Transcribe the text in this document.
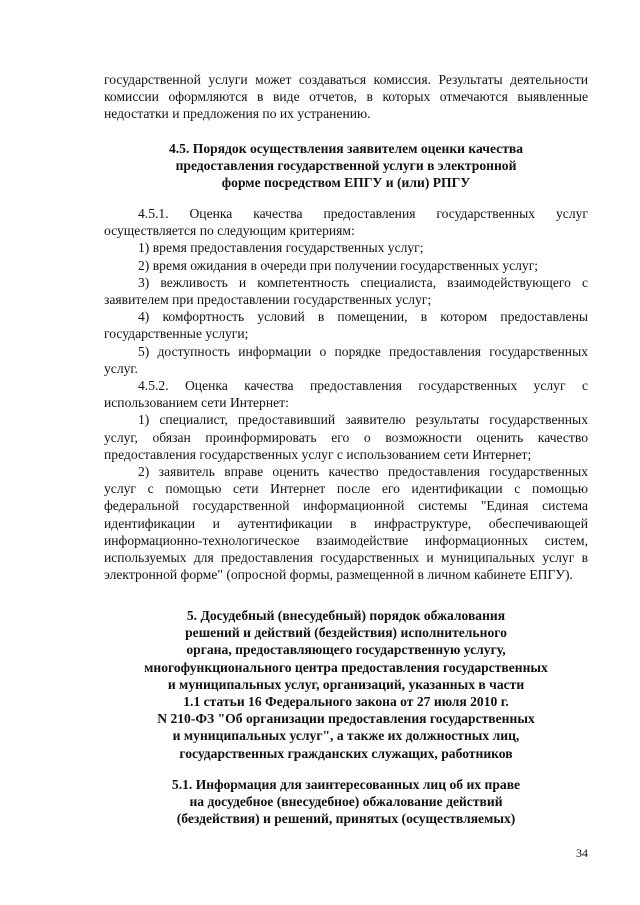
государственной услуги может создаваться комиссия. Результаты деятельности комиссии оформляются в виде отчетов, в которых отмечаются выявленные недостатки и предложения по их устранению.

4.5. Порядок осуществления заявителем оценки качества
предоставления государственной услуги в электронной
форме посредством ЕПГУ и (или) РПГУ

4.5.1. Оценка качества предоставления государственных услуг осуществляется по следующим критериям:

1) время предоставления государственных услуг;

2) время ожидания в очереди при получении государственных услуг;

3) вежливость и компетентность специалиста, взаимодействующего с заявителем при предоставлении государственных услуг;

4) комфортность условий в помещении, в котором предоставлены государственные услуги;

5) доступность информации о порядке предоставления государственных услуг.

4.5.2. Оценка качества предоставления государственных услуг с использованием сети Интернет:

1) специалист, предоставивший заявителю результаты государственных услуг, обязан проинформировать его о возможности оценить качество предоставления государственных услуг с использованием сети Интернет;

2) заявитель вправе оценить качество предоставления государственных услуг с помощью сети Интернет после его идентификации с помощью федеральной государственной информационной системы "Единая система идентификации и аутентификации в инфраструктуре, обеспечивающей информационно-технологическое взаимодействие информационных систем, используемых для предоставления государственных и муниципальных услуг в электронной форме" (опросной формы, размещенной в личном кабинете ЕПГУ).

5. Досудебный (внесудебный) порядок обжалования
решений и действий (бездействия) исполнительного
органа, предоставляющего государственную услугу,
многофункционального центра предоставления государственных
и муниципальных услуг, организаций, указанных в части
1.1 статьи 16 Федерального закона от 27 июля 2010 г.
N 210-ФЗ "Об организации предоставления государственных
и муниципальных услуг", а также их должностных лиц,
государственных гражданских служащих, работников
5.1. Информация для заинтересованных лиц об их праве
на досудебное (внесудебное) обжалование действий
(бездействия) и решений, принятых (осуществляемых)
34
